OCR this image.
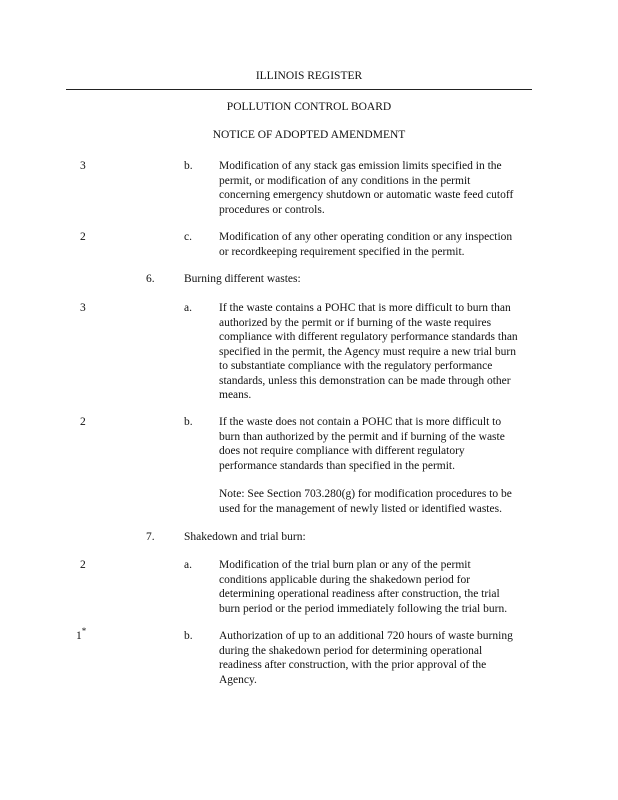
ILLINOIS REGISTER
POLLUTION CONTROL BOARD
NOTICE OF ADOPTED AMENDMENT
3	b. Modification of any stack gas emission limits specified in the
permit, or modification of any conditions in the permit
concerning emergency shutdown or automatic waste feed cutoff
procedures or controls.
2	c. Modification of any other operating condition or any inspection
or recordkeeping requirement specified in the permit.
6.	Burning different wastes:
3	a. If the waste contains a POHC that is more difficult to burn than
authorized by the permit or if burning of the waste requires
compliance with different regulatory performance standards than
specified in the permit, the Agency must require a new trial burn
to substantiate compliance with the regulatory performance
standards, unless this demonstration can be made through other
means.
2	b. If the waste does not contain a POHC that is more difficult to
burn than authorized by the permit and if burning of the waste
does not require compliance with different regulatory
performance standards than specified in the permit.
Note: See Section 703.280(g) for modification procedures to be
used for the management of newly listed or identified wastes.
7.	Shakedown and trial burn:
2	a. Modification of the trial burn plan or any of the permit
conditions applicable during the shakedown period for
determining operational readiness after construction, the trial
burn period or the period immediately following the trial burn.
1*	b. Authorization of up to an additional 720 hours of waste burning
during the shakedown period for determining operational
readiness after construction, with the prior approval of the
Agency.
